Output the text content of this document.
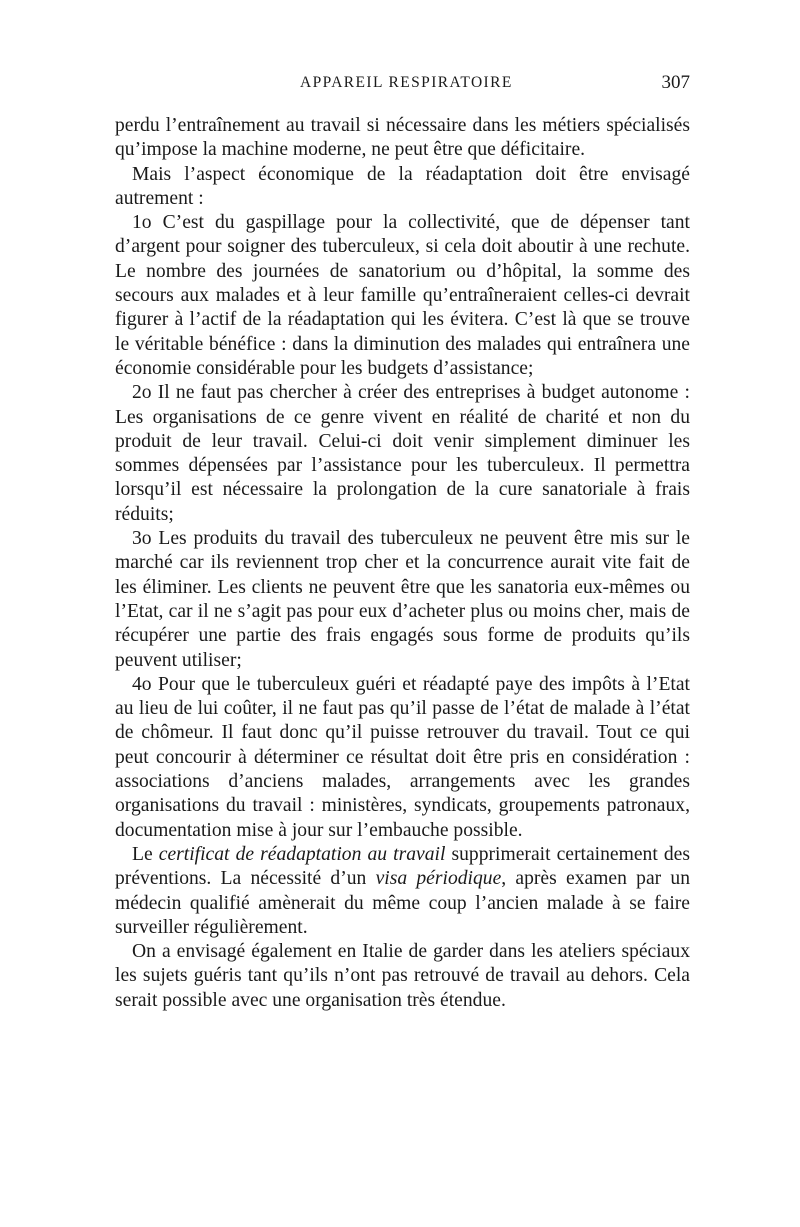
APPAREIL RESPIRATOIRE	307

perdu l’entraînement au travail si nécessaire dans les métiers spécialisés qu’impose la machine moderne, ne peut être que déficitaire.

Mais l’aspect économique de la réadaptation doit être envisagé autrement :

1o C’est du gaspillage pour la collectivité, que de dépenser tant d’argent pour soigner des tuberculeux, si cela doit aboutir à une rechute. Le nombre des journées de sanatorium ou d’hôpital, la somme des secours aux malades et à leur famille qu’entraîneraient celles-ci devrait figurer à l’actif de la réadaptation qui les évitera. C’est là que se trouve le véritable bénéfice : dans la diminution des malades qui entraînera une économie considérable pour les budgets d’assistance;

2o Il ne faut pas chercher à créer des entreprises à budget autonome : Les organisations de ce genre vivent en réalité de charité et non du produit de leur travail. Celui-ci doit venir simplement diminuer les sommes dépensées par l’assistance pour les tuberculeux. Il permettra lorsqu’il est nécessaire la prolongation de la cure sanatoriale à frais réduits;

3o Les produits du travail des tuberculeux ne peuvent être mis sur le marché car ils reviennent trop cher et la concurrence aurait vite fait de les éliminer. Les clients ne peuvent être que les sanatoria eux-mêmes ou l’Etat, car il ne s’agit pas pour eux d’acheter plus ou moins cher, mais de récupérer une partie des frais engagés sous forme de produits qu’ils peuvent utiliser;

4o Pour que le tuberculeux guéri et réadapté paye des impôts à l’Etat au lieu de lui coûter, il ne faut pas qu’il passe de l’état de malade à l’état de chômeur. Il faut donc qu’il puisse retrouver du travail. Tout ce qui peut concourir à déterminer ce résultat doit être pris en considération : associations d’anciens malades, arrangements avec les grandes organisations du travail : ministères, syndicats, groupements patronaux, documentation mise à jour sur l’embauche possible.

Le certificat de réadaptation au travail supprimerait certainement des préventions. La nécessité d’un visa périodique, après examen par un médecin qualifié amènerait du même coup l’ancien malade à se faire surveiller régulièrement.

On a envisagé également en Italie de garder dans les ateliers spéciaux les sujets guéris tant qu’ils n’ont pas retrouvé de travail au dehors. Cela serait possible avec une organisation très étendue.
